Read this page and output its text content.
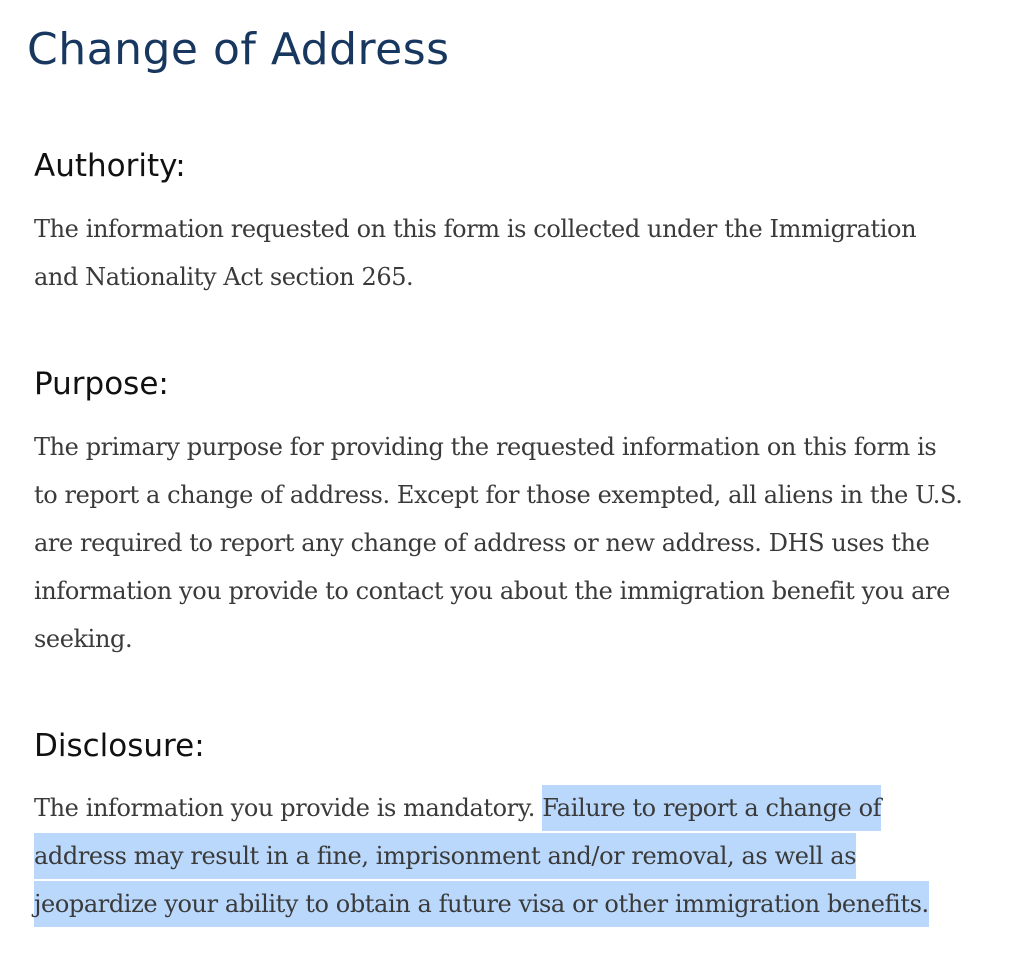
Change of Address
Authority:

The information requested on this form is collected under the Immigration
and Nationality Act section 265.

Purpose:

The primary purpose for providing the requested information on this form is
to report a change of address. Except for those exempted, all aliens in the U.S.
are required to report any change of address or new address. DHS uses the
information you provide to contact you about the immigration benefit you are
seeking.

Disclosure:

The information you provide is mandatory. Failure to report a change of
address may result in a fine, imprisonment and/or removal, as well as
jeopardize your ability to obtain a future visa or other immigration benefits.
